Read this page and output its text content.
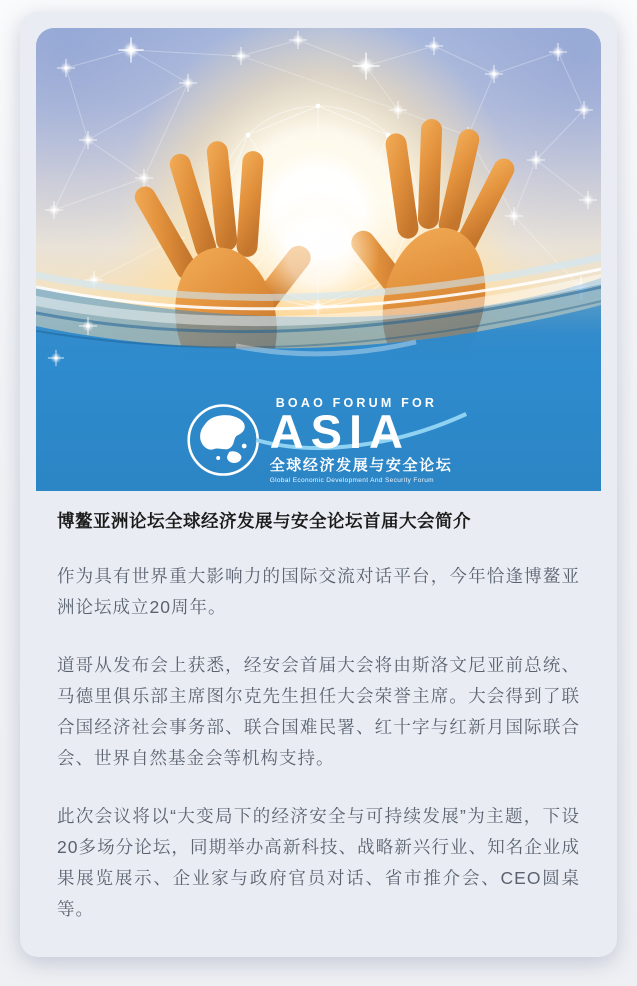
BOAO FORUM FOR
ASIA
全球经济发展与安全论坛
Global Economic Development And Security Forum
博鳌亚洲论坛全球经济发展与安全论坛首届大会简介

作为具有世界重大影响力的国际交流对话平台，今年恰逢博鳌亚洲论坛成立20周年。

道哥从发布会上获悉，经安会首届大会将由斯洛文尼亚前总统、马德里俱乐部主席图尔克先生担任大会荣誉主席。大会得到了联合国经济社会事务部、联合国难民署、红十字与红新月国际联合会、世界自然基金会等机构支持。

此次会议将以“大变局下的经济安全与可持续发展”为主题，下设20多场分论坛，同期举办高新科技、战略新兴行业、知名企业成果展览展示、企业家与政府官员对话、省市推介会、CEO圆桌等。
